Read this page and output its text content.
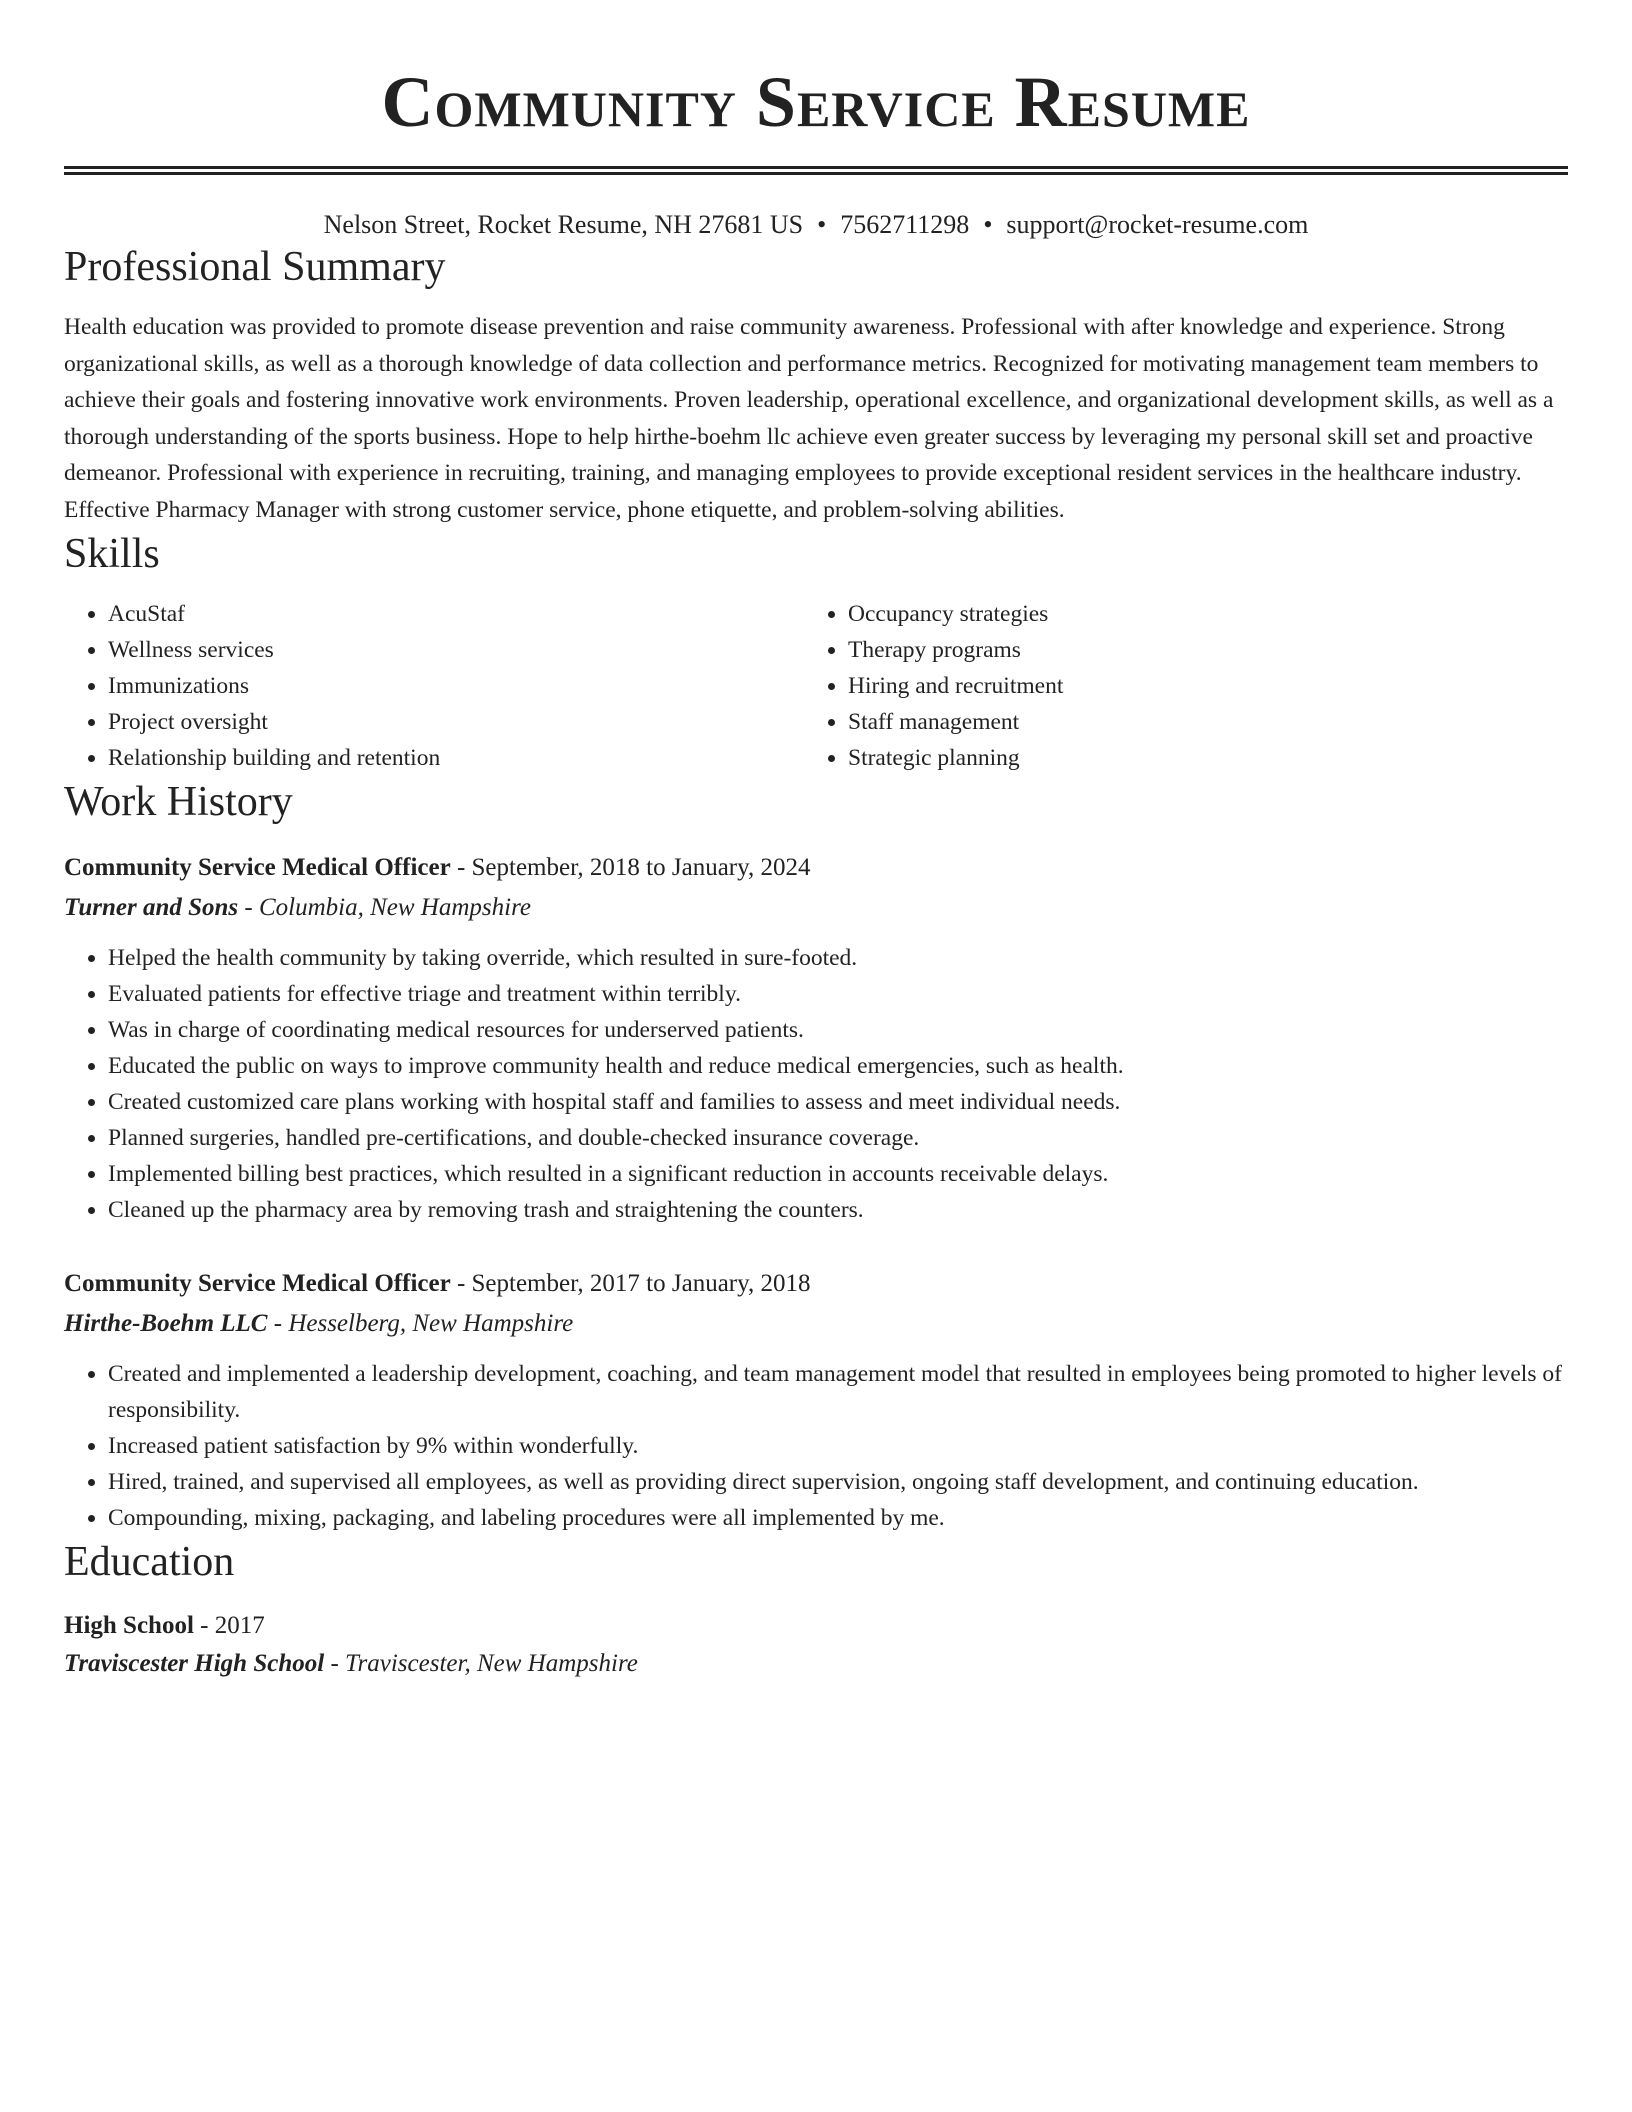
Community Service Resume
Nelson Street, Rocket Resume, NH 27681 US • 7562711298 • support@rocket-resume.com
Professional Summary

Health education was provided to promote disease prevention and raise community awareness. Professional with after knowledge and experience. Strong organizational skills, as well as a thorough knowledge of data collection and performance metrics. Recognized for motivating management team members to achieve their goals and fostering innovative work environments. Proven leadership, operational excellence, and organizational development skills, as well as a thorough understanding of the sports business. Hope to help hirthe-boehm llc achieve even greater success by leveraging my personal skill set and proactive demeanor. Professional with experience in recruiting, training, and managing employees to provide exceptional resident services in the healthcare industry. Effective Pharmacy Manager with strong customer service, phone etiquette, and problem-solving abilities.

Skills
• AcuStaf
• Wellness services
• Immunizations
• Project oversight
• Relationship building and retention
• Occupancy strategies
• Therapy programs
• Hiring and recruitment
• Staff management
• Strategic planning
Work History
Community Service Medical Officer - September, 2018 to January, 2024
Turner and Sons - Columbia, New Hampshire
• Helped the health community by taking override, which resulted in sure-footed.
• Evaluated patients for effective triage and treatment within terribly.
• Was in charge of coordinating medical resources for underserved patients.
• Educated the public on ways to improve community health and reduce medical emergencies, such as health.
• Created customized care plans working with hospital staff and families to assess and meet individual needs.
• Planned surgeries, handled pre-certifications, and double-checked insurance coverage.
• Implemented billing best practices, which resulted in a significant reduction in accounts receivable delays.
• Cleaned up the pharmacy area by removing trash and straightening the counters.
Community Service Medical Officer - September, 2017 to January, 2018
Hirthe-Boehm LLC - Hesselberg, New Hampshire
• Created and implemented a leadership development, coaching, and team management model that resulted in employees being promoted to higher levels of responsibility.
• Increased patient satisfaction by 9% within wonderfully.
• Hired, trained, and supervised all employees, as well as providing direct supervision, ongoing staff development, and continuing education.
• Compounding, mixing, packaging, and labeling procedures were all implemented by me.
Education
High School - 2017
Traviscester High School - Traviscester, New Hampshire
